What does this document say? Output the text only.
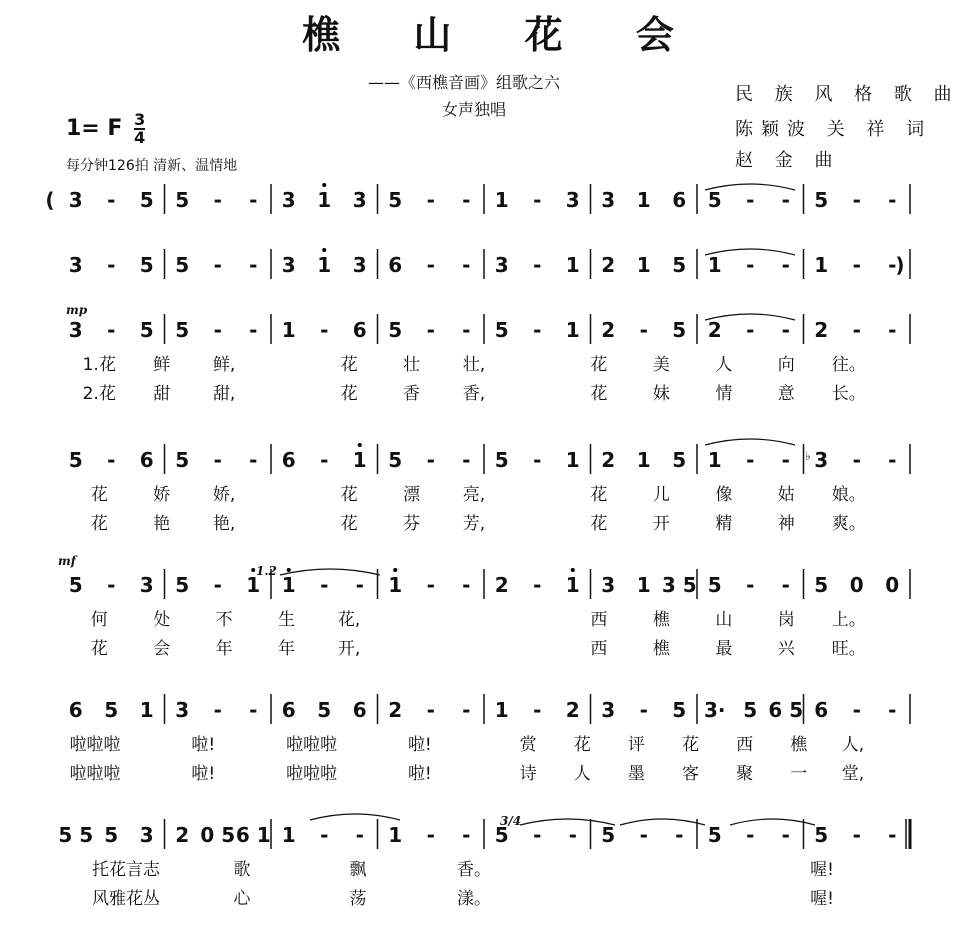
樵 山 花 会
——《西樵音画》组歌之六
女声独唱
民 族 风 格 歌 曲
陈颖波 关 祥 词
赵 金 曲
1= F $\frac{3}{4}$
每分钟126拍 清新、温情地
( 3 - 5 5 - - 3 1 3 5 - - 1 - 3 3 1 6 5 - - 5 - -
)
3 - 5 5 - - 3 1 3 6 - - 3 - 1 2 1 5 1 - - 1 - -
3 - 5 5 - - 1 - 6 5 - - 5 - 1 2 - 5 2 - - 2 - -
1.花 鲜	鲜,	花	壮	壮,	花	美	人	向 往。
2.花 甜	甜,	花	香	香,	花	妹	情	意 长。
5 - 6 5 - - 6 - 1 5 - - 5 - 1 2 1 5 1 - - 3 - -
花	娇	娇,	花	漂	亮,	花	儿	像	姑 娘。
花	艳	艳,	花	芬	芳,	花	开	精	神 爽。
5 - 3 5 - 1 1 - - 1 - - 2 - 1 3 1 3 5 5 - - 5 0 0
何	处	不	生	花,	西	樵	山	岗 上。
花	会	年	年	开,	西	樵	最	兴 旺。
6 5 1 3 - - 6 5 6 2 - - 1 - 2 3 - 5 3· 5 6 5 6 - -
啦啦啦	啦!	啦啦啦	啦!	赏 花 评 花 西 樵 人,
啦啦啦	啦!	啦啦啦	啦!	诗 人 墨 客 聚 一 堂,
5 5 5 3 2 0 5 6 1 1 - - 1 - - 5 - - 5 - - 5 - - 5 - -
托花言志	歌	飘	香。	喔!
风雅花丛	心	荡	漾。	喔!
mp
mf
1.2
♭
3/4
